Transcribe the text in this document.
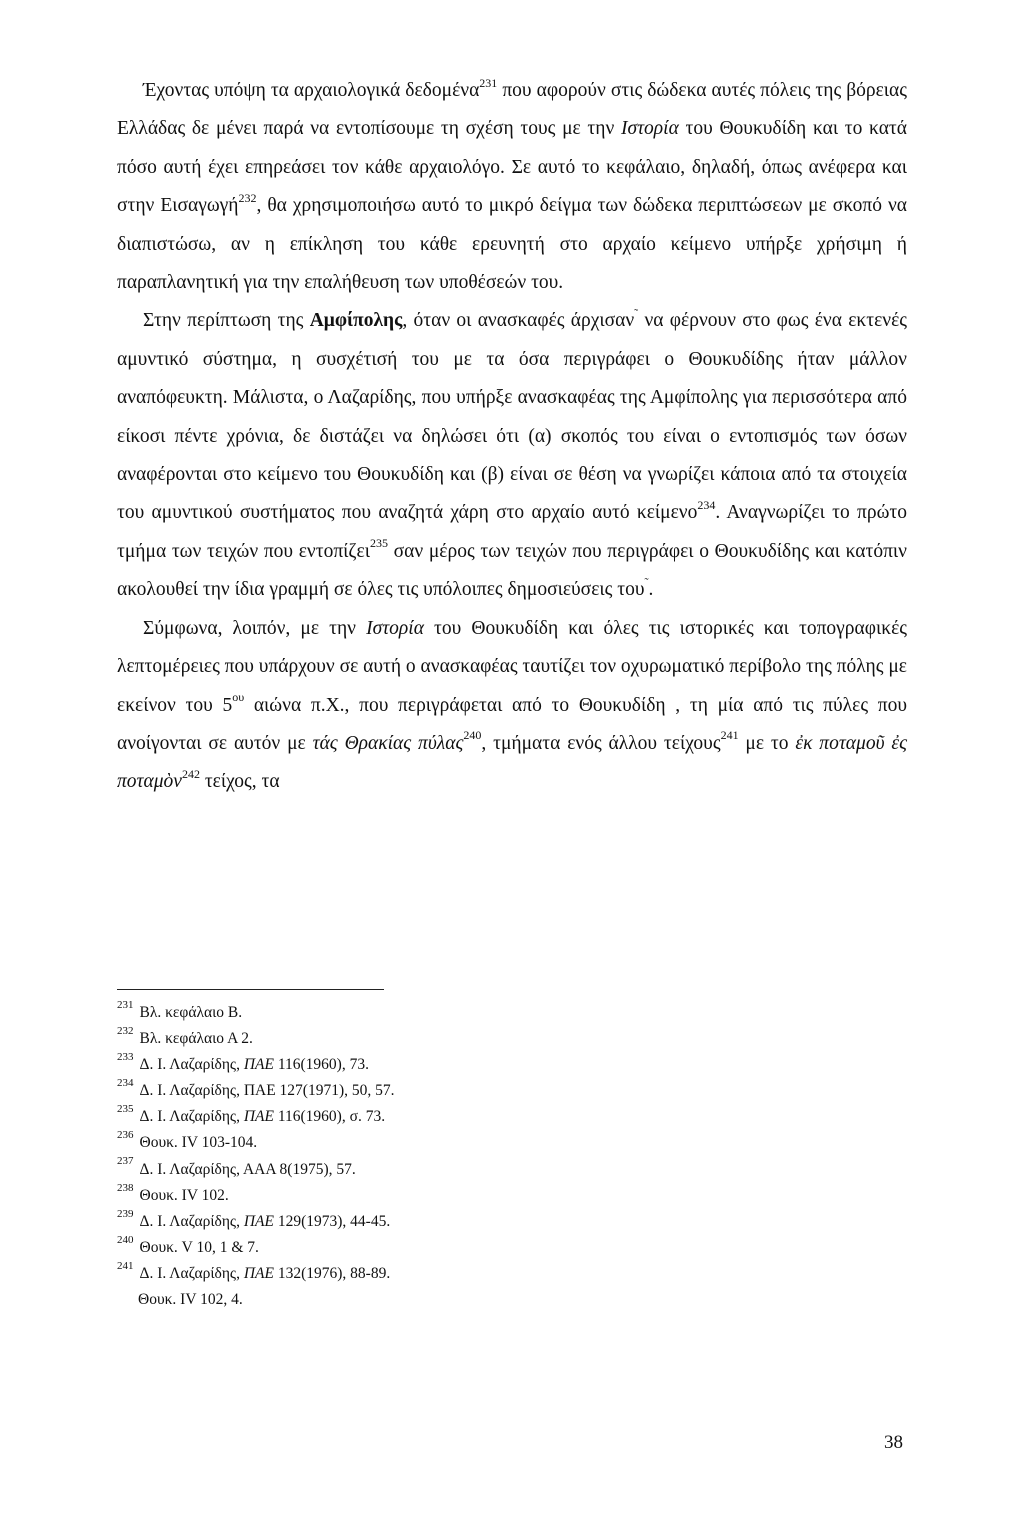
Έχοντας υπόψη τα αρχαιολογικά δεδομένα$^{231}$ που αφορούν στις δώδεκα αυτές πόλεις της βόρειας Ελλάδας δε μένει παρά να εντοπίσουμε τη σχέση τους με την Ιστορία του Θουκυδίδη και το κατά πόσο αυτή έχει επηρεάσει τον κάθε αρχαιολόγο. Σε αυτό το κεφάλαιο, δηλαδή, όπως ανέφερα και στην Εισαγωγή$^{232}$, θα χρησιμοποιήσω αυτό το μικρό δείγμα των δώδεκα περιπτώσεων με σκοπό να διαπιστώσω, αν η επίκληση του κάθε ερευνητή στο αρχαίο κείμενο υπήρξε χρήσιμη ή παραπλανητική για την επαλήθευση των υποθέσεών του.

Στην περίπτωση της Αμφίπολης, όταν οι ανασκαφές άρχισαν˜ να φέρνουν στο φως ένα εκτενές αμυντικό σύστημα, η συσχέτισή του με τα όσα περιγράφει ο Θουκυδίδης ήταν μάλλον αναπόφευκτη. Μάλιστα, ο Λαζαρίδης, που υπήρξε ανασκαφέας της Αμφίπολης για περισσότερα από είκοσι πέντε χρόνια, δε διστάζει να δηλώσει ότι (α) σκοπός του είναι ο εντοπισμός των όσων αναφέρονται στο κείμενο του Θουκυδίδη και (β) είναι σε θέση να γνωρίζει κάποια από τα στοιχεία του αμυντικού συστήματος που αναζητά χάρη στο αρχαίο αυτό κείμενο$^{234}$. Αναγνωρίζει το πρώτο τμήμα των τειχών που εντοπίζει$^{235}$ σαν μέρος των τειχών που περιγράφει ο Θουκυδίδης και κατόπιν ακολουθεί την ίδια γραμμή σε όλες τις υπόλοιπες δημοσιεύσεις του˜.

Σύμφωνα, λοιπόν, με την Ιστορία του Θουκυδίδη και όλες τις ιστορικές και τοπογραφικές λεπτομέρειες που υπάρχουν σε αυτή ο ανασκαφέας ταυτίζει τον οχυρωματικό περίβολο της πόλης με εκείνον του $5^{o\upsilon}$ αιώνα π.Χ., που περιγράφεται από το Θουκυδίδη , τη μία από τις πύλες που ανοίγονται σε αυτόν με τάς Θρακίας πύλας$^{240}$, τμήματα ενός άλλου τείχους$^{241}$ με το ἐκ ποταμοῦ ἐς ποταμὸν$^{242}$ τείχος, τα

$^{231}$ Βλ. κεφάλαιο Β.

$^{232}$ Βλ. κεφάλαιο Α 2.

$^{233}$ Δ. Ι. Λαζαρίδης, ΠΑΕ 116(1960), 73.

$^{234}$ Δ. Ι. Λαζαρίδης, ΠΑΕ 127(1971), 50, 57.

$^{235}$ Δ. Ι. Λαζαρίδης, ΠΑΕ 116(1960), σ. 73.

$^{236}$ Θουκ. IV 103-104.

$^{237}$ Δ. Ι. Λαζαρίδης, ΑΑΑ 8(1975), 57.

$^{238}$ Θουκ. IV 102.

$^{239}$ Δ. Ι. Λαζαρίδης, ΠΑΕ 129(1973), 44-45.

$^{240}$ Θουκ. V 10, 1 & 7.

$^{241}$ Δ. Ι. Λαζαρίδης, ΠΑΕ 132(1976), 88-89.

Θουκ. IV 102, 4.

38
